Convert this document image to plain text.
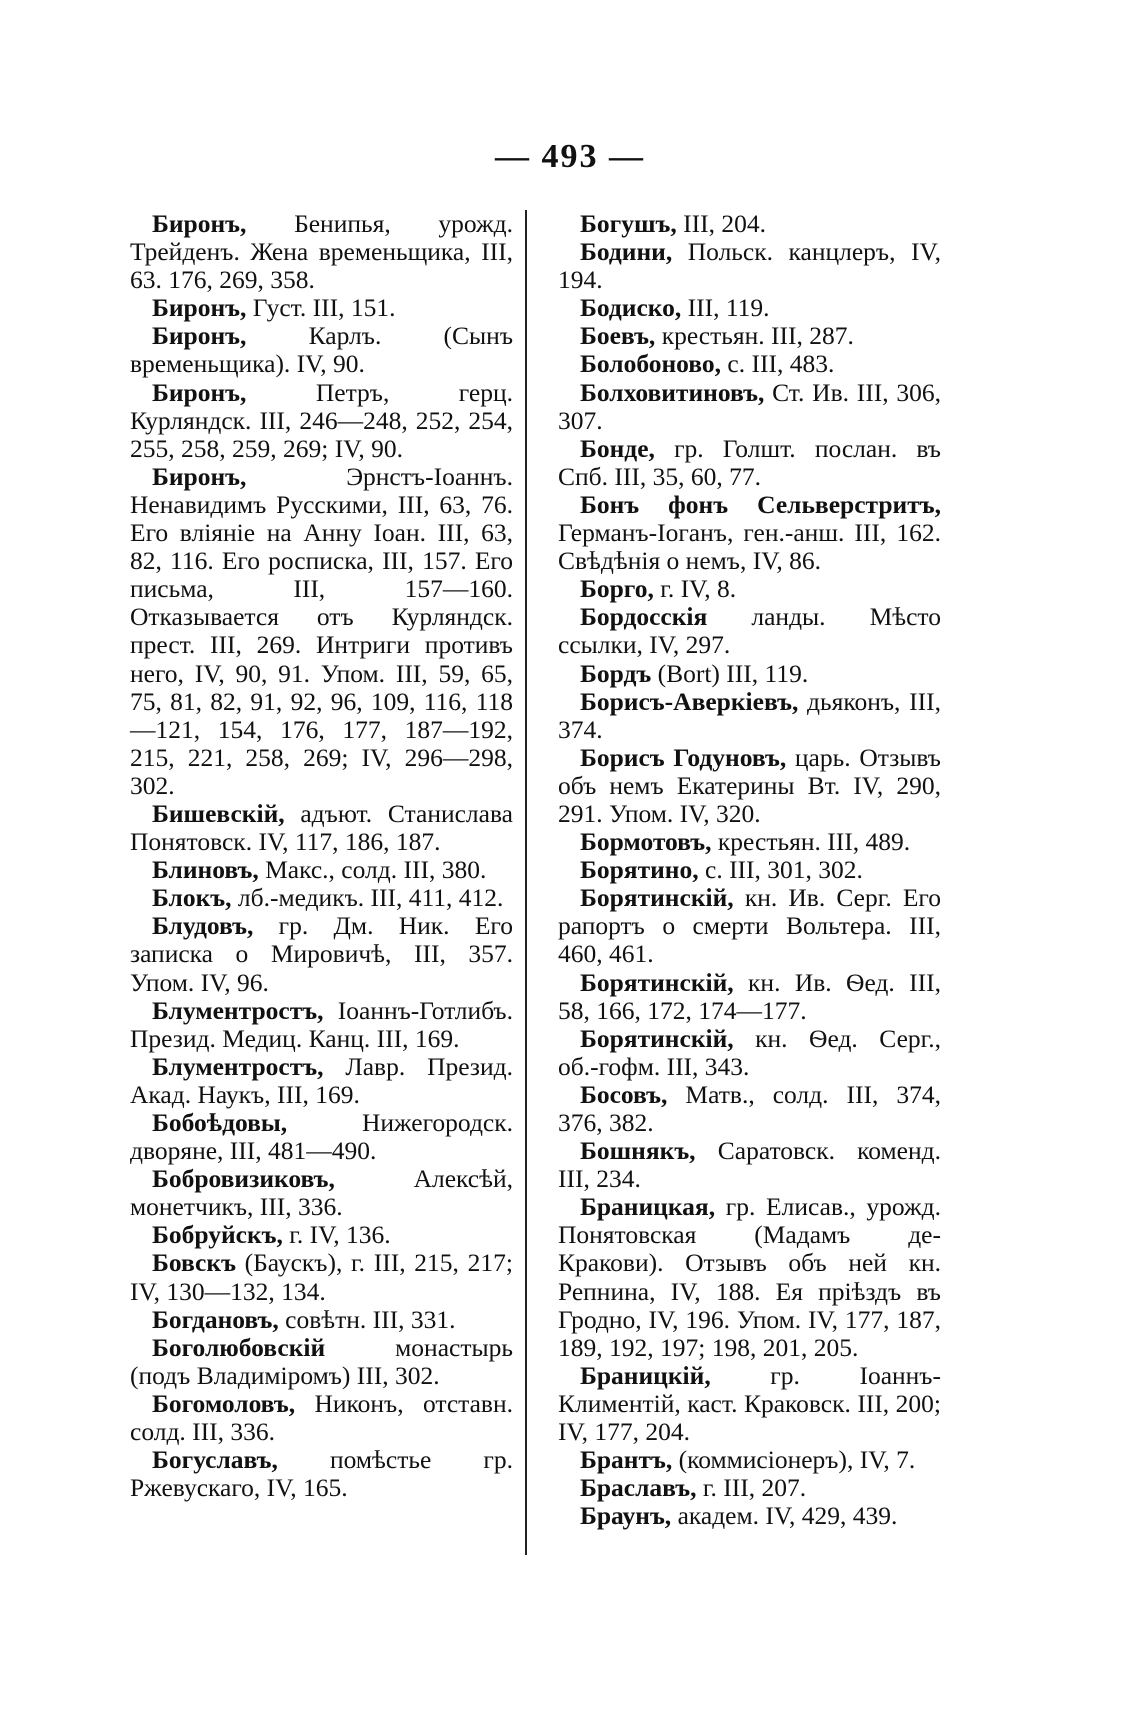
— 493 —

Биронъ, Бенипья, урожд. Трейденъ. Жена временьщика, III, 63. 176, 269, 358.

Биронъ, Густ. III, 151.

Биронъ, Карлъ. (Сынъ временьщика). IV, 90.

Биронъ, Петръ, герц. Курляндск. III, 246—248, 252, 254, 255, 258, 259, 269; IV, 90.

Биронъ, Эрнстъ-Іоаннъ. Ненавидимъ Русскими, III, 63, 76. Его вліяніе на Анну Іоан. III, 63, 82, 116. Его росписка, III, 157. Его письма, III, 157—160. Отказывается отъ Курляндск. прест. III, 269. Интриги противъ него, IV, 90, 91. Упом. III, 59, 65, 75, 81, 82, 91, 92, 96, 109, 116, 118—121, 154, 176, 177, 187—192, 215, 221, 258, 269; IV, 296—298, 302.

Бишевскій, адъют. Станислава Понятовск. IV, 117, 186, 187.

Блиновъ, Макс., солд. III, 380.

Блокъ, лб.-медикъ. III, 411, 412.

Блудовъ, гр. Дм. Ник. Его записка о Мировичѣ, III, 357. Упом. IV, 96.

Блументростъ, Іоаннъ-Готлибъ. Презид. Медиц. Канц. III, 169.

Блументростъ, Лавр. Презид. Акад. Наукъ, III, 169.

Бобоѣдовы, Нижегородск. дворяне, III, 481—490.

Бобровизиковъ, Алексѣй, монетчикъ, III, 336.

Бобруйскъ, г. IV, 136.

Бовскъ (Баускъ), г. III, 215, 217; IV, 130—132, 134.

Богдановъ, совѣтн. III, 331.

Боголюбовскій монастырь (подъ Владиміромъ) III, 302.

Богомоловъ, Никонъ, отставн. солд. III, 336.

Богуславъ, помѣстье гр. Ржевускаго, IV, 165.

Богушъ, III, 204.

Бодини, Польск. канцлеръ, IV, 194.

Бодиско, III, 119.

Боевъ, крестьян. III, 287.

Болобоново, с. III, 483.

Болховитиновъ, Ст. Ив. III, 306, 307.

Бонде, гр. Голшт. послан. въ Спб. III, 35, 60, 77.

Бонъ фонъ Сельверстритъ, Германъ-Іоганъ, ген.-анш. III, 162. Свѣдѣнія о немъ, IV, 86.

Борго, г. IV, 8.

Бордосскія ланды. Мѣсто ссылки, IV, 297.

Бордъ (Bort) III, 119.

Борисъ-Аверкіевъ, дьяконъ, III, 374.

Борисъ Годуновъ, царь. Отзывъ объ немъ Екатерины Вт. IV, 290, 291. Упом. IV, 320.

Бормотовъ, крестьян. III, 489.

Борятино, с. III, 301, 302.

Борятинскій, кн. Ив. Серг. Его рапортъ о смерти Вольтера. III, 460, 461.

Борятинскій, кн. Ив. Ѳед. III, 58, 166, 172, 174—177.

Борятинскій, кн. Ѳед. Серг., об.-гофм. III, 343.

Босовъ, Матв., солд. III, 374, 376, 382.

Бошнякъ, Саратовск. коменд. III, 234.

Браницкая, гр. Елисав., урожд. Понятовская (Мадамъ де-Кракови). Отзывъ объ ней кн. Репнина, IV, 188. Ея пріѣздъ въ Гродно, IV, 196. Упом. IV, 177, 187, 189, 192, 197; 198, 201, 205.

Браницкій, гр. Іоаннъ-Климентій, каст. Краковск. III, 200; IV, 177, 204.

Брантъ, (коммисіонеръ), IV, 7.

Браславъ, г. III, 207.

Браунъ, академ. IV, 429, 439.
